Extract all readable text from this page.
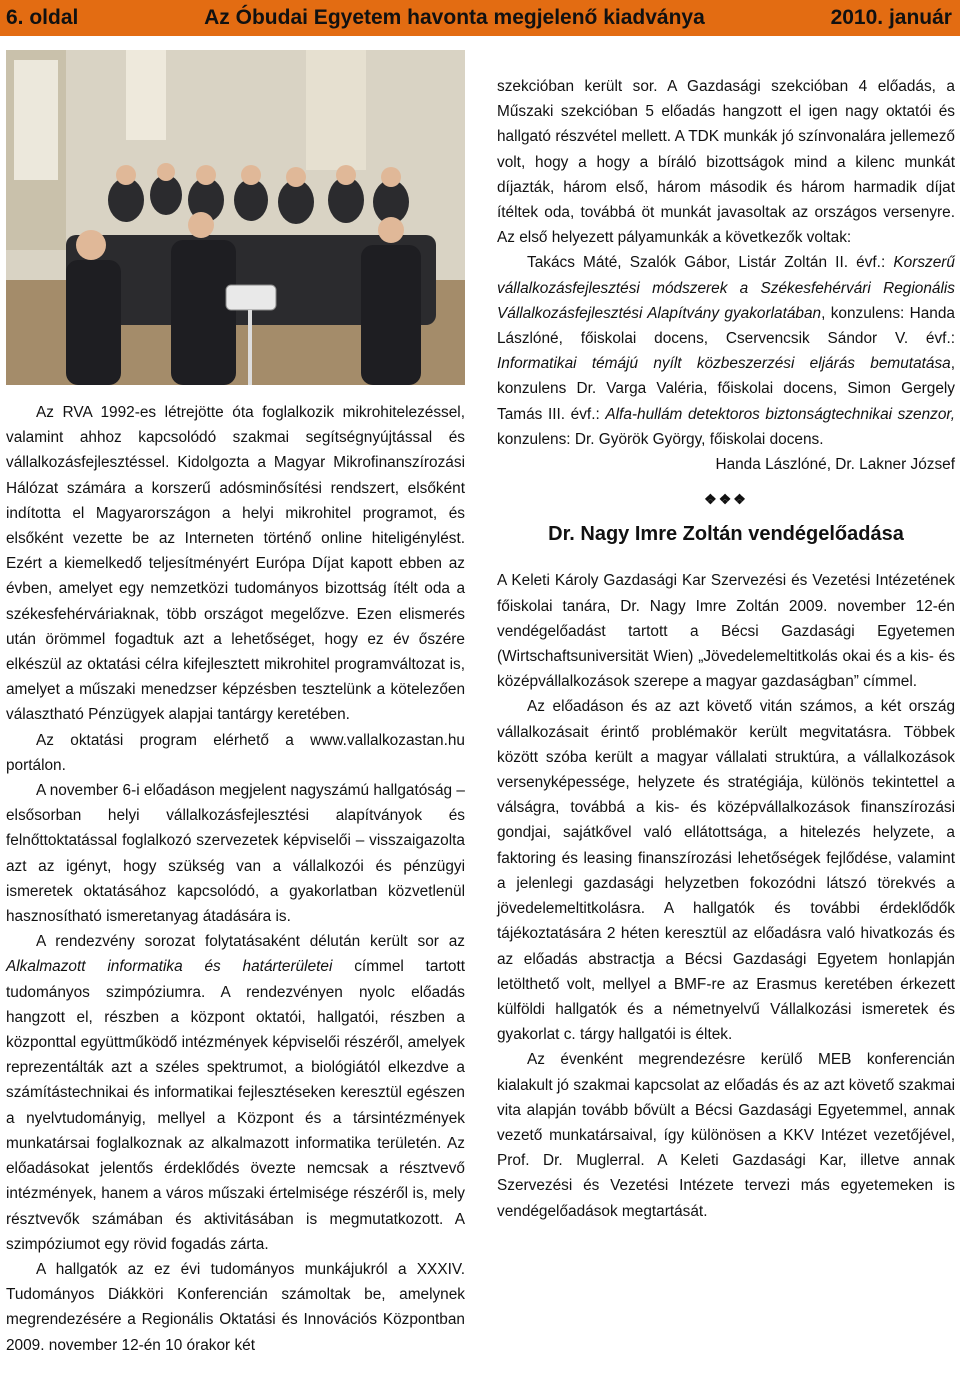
6. oldal	Az Óbudai Egyetem havonta megjelenő kiadványa	2010. január

Az RVA 1992-es létrejötte óta foglalkozik mikrohitelezéssel, valamint ahhoz kapcsolódó szakmai segítségnyújtással és vállalkozásfejlesztéssel. Kidolgozta a Magyar Mikrofinanszírozási Hálózat számára a korszerű adósminősítési rendszert, elsőként indította el Magyarországon a helyi mikrohitel programot, és elsőként vezette be az Interneten történő online hiteligénylést. Ezért a kiemelkedő teljesítményért Európa Díjat kapott ebben az évben, amelyet egy nemzetközi tudományos bizottság ítélt oda a székesfehérváriaknak, több országot megelőzve. Ezen elismerés után örömmel fogadtuk azt a lehetőséget, hogy ez év őszére elkészül az oktatási célra kifejlesztett mikrohitel programváltozat is, amelyet a műszaki menedzser képzésben tesztelünk a kötelezően választható Pénzügyek alapjai tantárgy keretében.

Az oktatási program elérhető a www.vallalkozastan.hu portálon.

A november 6-i előadáson megjelent nagyszámú hallgatóság – elsősorban helyi vállalkozásfejlesztési alapítványok és felnőttoktatással foglalkozó szervezetek képviselői – visszaigazolta azt az igényt, hogy szükség van a vállalkozói és pénzügyi ismeretek oktatásához kapcsolódó, a gyakorlatban közvetlenül hasznosítható ismeretanyag átadására is.

A rendezvény sorozat folytatásaként délután került sor az Alkalmazott informatika és határterületei címmel tartott tudományos szimpóziumra. A rendezvényen nyolc előadás hangzott el, részben a központ oktatói, hallgatói, részben a központtal együttműködő intézmények képviselői részéről, amelyek reprezentálták azt a széles spektrumot, a biológiától elkezdve a számítástechnikai és informatikai fejlesztéseken keresztül egészen a nyelvtudományig, mellyel a Központ és a társintézmények munkatársai foglalkoznak az alkalmazott informatika területén. Az előadásokat jelentős érdeklődés övezte nemcsak a résztvevő intézmények, hanem a város műszaki értelmisége részéről is, mely résztvevők számában és aktivitásában is megmutatkozott. A szimpóziumot egy rövid fogadás zárta.

A hallgatók az ez évi tudományos munkájukról a XXXIV. Tudományos Diákköri Konferencián számoltak be, amelynek megrendezésére a Regionális Oktatási és Innovációs Központban 2009. november 12-én 10 órakor két

szekcióban került sor. A Gazdasági szekcióban 4 előadás, a Műszaki szekcióban 5 előadás hangzott el igen nagy oktatói és hallgató részvétel mellett. A TDK munkák jó színvonalára jellemező volt, hogy a hogy a bíráló bizottságok mind a kilenc munkát díjazták, három első, három második és három harmadik díjat ítéltek oda, továbbá öt munkát javasoltak az országos versenyre. Az első helyezett pályamunkák a következők voltak:

Takács Máté, Szalók Gábor, Listár Zoltán II. évf.: Korszerű vállalkozásfejlesztési módszerek a Székesfehérvári Regionális Vállalkozásfejlesztési Alapítvány gyakorlatában, konzulens: Handa Lászlóné, főiskolai docens, Cservencsik Sándor V. évf.: Informatikai témájú nyílt közbeszerzési eljárás bemutatása, konzulens Dr. Varga Valéria, főiskolai docens, Simon Gergely Tamás III. évf.: Alfa-hullám detektoros biztonságtechnikai szenzor, konzulens: Dr. Györök György, főiskolai docens.

Handa Lászlóné, Dr. Lakner József

❖❖❖

Dr. Nagy Imre Zoltán vendégelőadása

A Keleti Károly Gazdasági Kar Szervezési és Vezetési Intézetének főiskolai tanára, Dr. Nagy Imre Zoltán 2009. november 12-én vendégelőadást tartott a Bécsi Gazdasági Egyetemen (Wirtschaftsuniversität Wien) „Jövedelemeltitkolás okai és a kis- és középvállalkozások szerepe a magyar gazdaságban” címmel.

Az előadáson és az azt követő vitán számos, a két ország vállalkozásait érintő problémakör került megvitatásra. Többek között szóba került a magyar vállalati struktúra, a vállalkozások versenyképessége, helyzete és stratégiája, különös tekintettel a válságra, továbbá a kis- és középvállalkozások finanszírozási gondjai, sajátkővel való ellátottsága, a hitelezés helyzete, a faktoring és leasing finanszírozási lehetőségek fejlődése, valamint a jelenlegi gazdasági helyzetben fokozódni látszó törekvés a jövedelemeltitkolásra. A hallgatók és további érdeklődők tájékoztatására 2 héten keresztül az előadásra való hivatkozás és az előadás abstractja a Bécsi Gazdasági Egyetem honlapján letölthető volt, mellyel a BMF-re az Erasmus keretében érkezett külföldi hallgatók és a németnyelvű Vállalkozási ismeretek és gyakorlat c. tárgy hallgatói is éltek.

Az évenként megrendezésre kerülő MEB konferencián kialakult jó szakmai kapcsolat az előadás és az azt követő szakmai vita alapján tovább bővült a Bécsi Gazdasági Egyetemmel, annak vezető munkatársaival, így különösen a KKV Intézet vezetőjével, Prof. Dr. Muglerral. A Keleti Gazdasági Kar, illetve annak Szervezési és Vezetési Intézete tervezi más egyetemeken is vendégelőadások megtartását.
